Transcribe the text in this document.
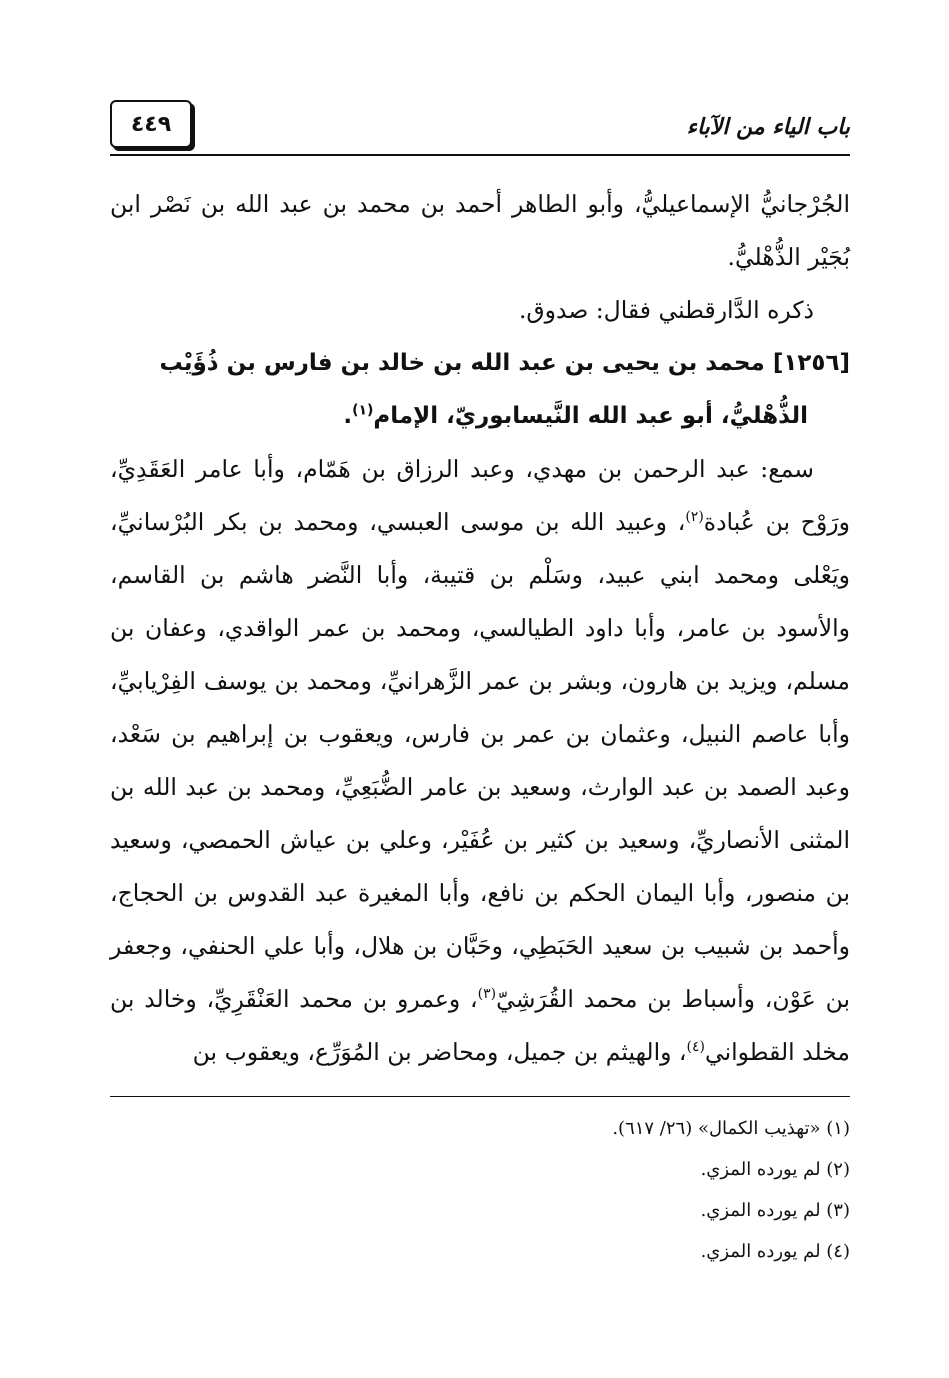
٤٤٩	باب الياء من الآباء

الجُرْجانيُّ الإسماعيليُّ، وأبو الطاهر أحمد بن محمد بن عبد الله بن نَصْر ابن بُجَيْر الذُّهْليُّ.

ذكره الدَّارقطني فقال: صدوق.

[١٢٥٦] محمد بن يحيى بن عبد الله بن خالد بن فارس بن ذُؤَيْب

الذُّهْليُّ، أبو عبد الله النَّيسابوريّ، الإمام$^{(١)}$.

سمع: عبد الرحمن بن مهدي، وعبد الرزاق بن هَمّام، وأبا عامر العَقَدِيِّ، ورَوْح بن عُبادة$^{(٢)}$، وعبيد الله بن موسى العبسي، ومحمد بن بكر البُرْسانيِّ، ويَعْلى ومحمد ابني عبيد، وسَلْم بن قتيبة، وأبا النَّضر هاشم بن القاسم، والأسود بن عامر، وأبا داود الطيالسي، ومحمد بن عمر الواقدي، وعفان بن مسلم، ويزيد بن هارون، وبشر بن عمر الزَّهرانيِّ، ومحمد بن يوسف الفِرْيابيِّ، وأبا عاصم النبيل، وعثمان بن عمر بن فارس، ويعقوب بن إبراهيم بن سَعْد، وعبد الصمد بن عبد الوارث، وسعيد بن عامر الضُّبَعِيِّ، ومحمد بن عبد الله بن المثنى الأنصاريِّ، وسعيد بن كثير بن عُفَيْر، وعلي بن عياش الحمصي، وسعيد بن منصور، وأبا اليمان الحكم بن نافع، وأبا المغيرة عبد القدوس بن الحجاج، وأحمد بن شبيب بن سعيد الحَبَطِي، وحَبَّان بن هلال، وأبا علي الحنفي، وجعفر بن عَوْن، وأسباط بن محمد القُرَشِيّ$^{(٣)}$، وعمرو بن محمد العَنْقَرِيِّ، وخالد بن مخلد القطواني$^{(٤)}$، والهيثم بن جميل، ومحاضر بن المُوَرِّع، ويعقوب بن

(١) «تهذيب الكمال» (٢٦/ ٦١٧).
(٢) لم يورده المزي.
(٣) لم يورده المزي.
(٤) لم يورده المزي.
